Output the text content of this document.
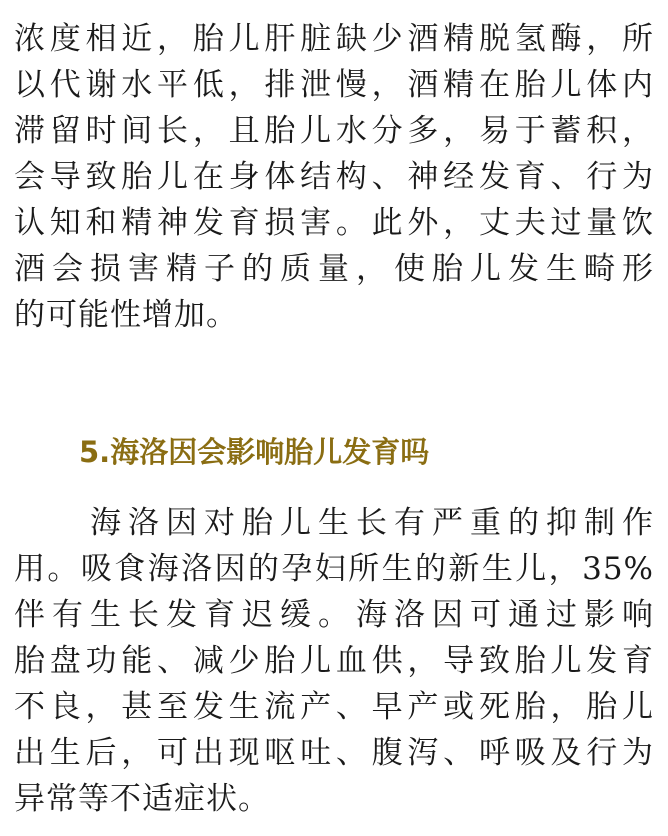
浓度相近，胎儿肝脏缺少酒精脱氢酶，所
以代谢水平低，排泄慢，酒精在胎儿体内
滞留时间长，且胎儿水分多，易于蓄积，
会导致胎儿在身体结构、神经发育、行为
认知和精神发育损害。此外，丈夫过量饮
酒会损害精子的质量，使胎儿发生畸形
的可能性增加。
5.海洛因会影响胎儿发育吗
　　海洛因对胎儿生长有严重的抑制作
用。吸食海洛因的孕妇所生的新生儿，35%
伴有生长发育迟缓。海洛因可通过影响
胎盘功能、减少胎儿血供，导致胎儿发育
不良，甚至发生流产、早产或死胎，胎儿
出生后，可出现呕吐、腹泻、呼吸及行为
异常等不适症状。
